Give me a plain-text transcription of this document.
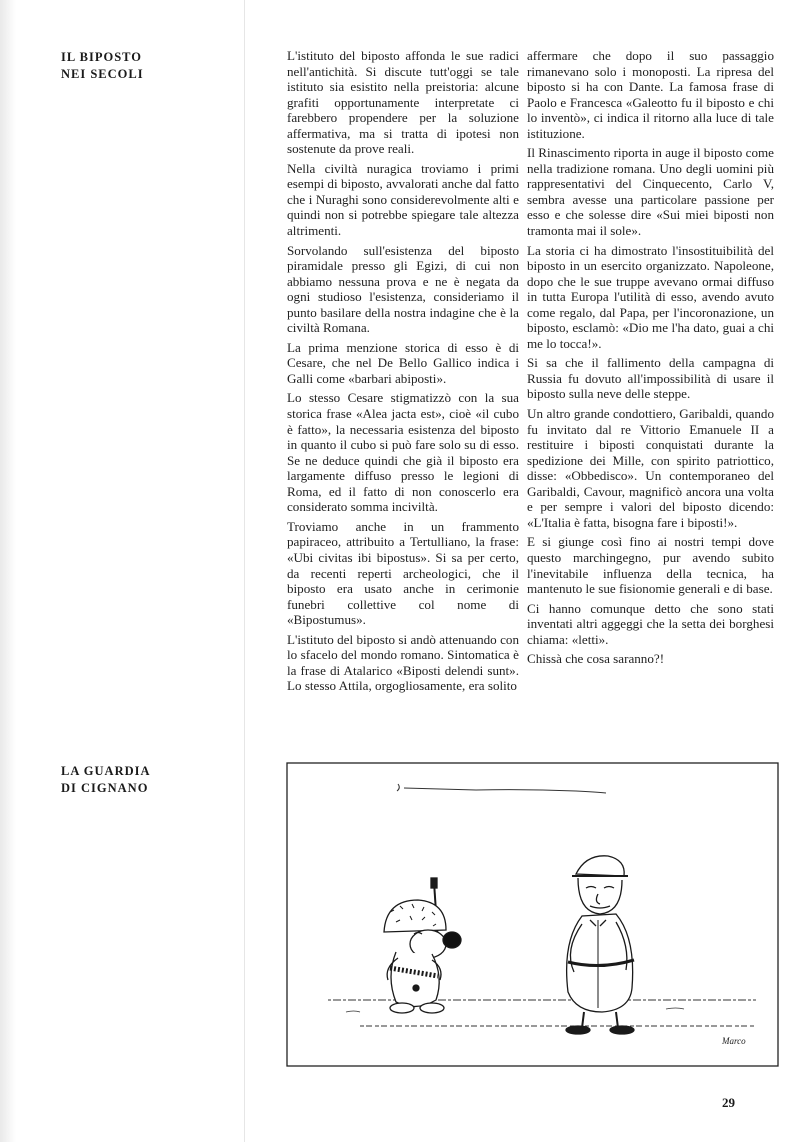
IL BIPOSTO
NEI SECOLI
LA GUARDIA
DI CIGNANO

L'istituto del biposto affonda le sue radici nell'antichità. Si discute tutt'oggi se tale istituto sia esistito nella preistoria: alcune grafiti opportunamente interpretate ci farebbero propendere per la soluzione affermativa, ma si tratta di ipotesi non sostenute da prove reali.

Nella civiltà nuragica troviamo i primi esempi di biposto, avvalorati anche dal fatto che i Nuraghi sono considerevolmente alti e quindi non si potrebbe spiegare tale altezza altrimenti.

Sorvolando sull'esistenza del biposto piramidale presso gli Egizi, di cui non abbiamo nessuna prova e ne è negata da ogni studioso l'esistenza, consideriamo il punto basilare della nostra indagine che è la civiltà Romana.

La prima menzione storica di esso è di Cesare, che nel De Bello Gallico indica i Galli come «barbari abiposti».

Lo stesso Cesare stigmatizzò con la sua storica frase «Alea jacta est», cioè «il cubo è fatto», la necessaria esistenza del biposto in quanto il cubo si può fare solo su di esso. Se ne deduce quindi che già il biposto era largamente diffuso presso le legioni di Roma, ed il fatto di non conoscerlo era considerato somma inciviltà.

Troviamo anche in un frammento papiraceo, attribuito a Tertulliano, la frase: «Ubi civitas ibi bipostus». Si sa per certo, da recenti reperti archeologici, che il biposto era usato anche in cerimonie funebri collettive col nome di «Bipostumus».

L'istituto del biposto si andò attenuando con lo sfacelo del mondo romano. Sintomatica è la frase di Atalarico «Biposti delendi sunt». Lo stesso Attila, orgogliosamente, era solito

affermare che dopo il suo passaggio rimanevano solo i monoposti. La ripresa del biposto si ha con Dante. La famosa frase di Paolo e Francesca «Galeotto fu il biposto e chi lo inventò», ci indica il ritorno alla luce di tale istituzione.

Il Rinascimento riporta in auge il biposto come nella tradizione romana. Uno degli uomini più rappresentativi del Cinquecento, Carlo V, sembra avesse una particolare passione per esso e che solesse dire «Sui miei biposti non tramonta mai il sole».

La storia ci ha dimostrato l'insostituibilità del biposto in un esercito organizzato. Napoleone, dopo che le sue truppe avevano ormai diffuso in tutta Europa l'utilità di esso, avendo avuto come regalo, dal Papa, per l'incoronazione, un biposto, esclamò: «Dio me l'ha dato, guai a chi me lo tocca!».

Si sa che il fallimento della campagna di Russia fu dovuto all'impossibilità di usare il biposto sulla neve delle steppe.

Un altro grande condottiero, Garibaldi, quando fu invitato dal re Vittorio Emanuele II a restituire i biposti conquistati durante la spedizione dei Mille, con spirito patriottico, disse: «Obbedisco». Un contemporaneo del Garibaldi, Cavour, magnificò ancora una volta e per sempre i valori del biposto dicendo: «L'Italia è fatta, bisogna fare i biposti!».

E si giunge così fino ai nostri tempi dove questo marchingegno, pur avendo subito l'inevitabile influenza della tecnica, ha mantenuto le sue fisionomie generali e di base.

Ci hanno comunque detto che sono stati inventati altri aggeggi che la setta dei borghesi chiama: «letti».

Chissà che cosa saranno?!

Marco
29
